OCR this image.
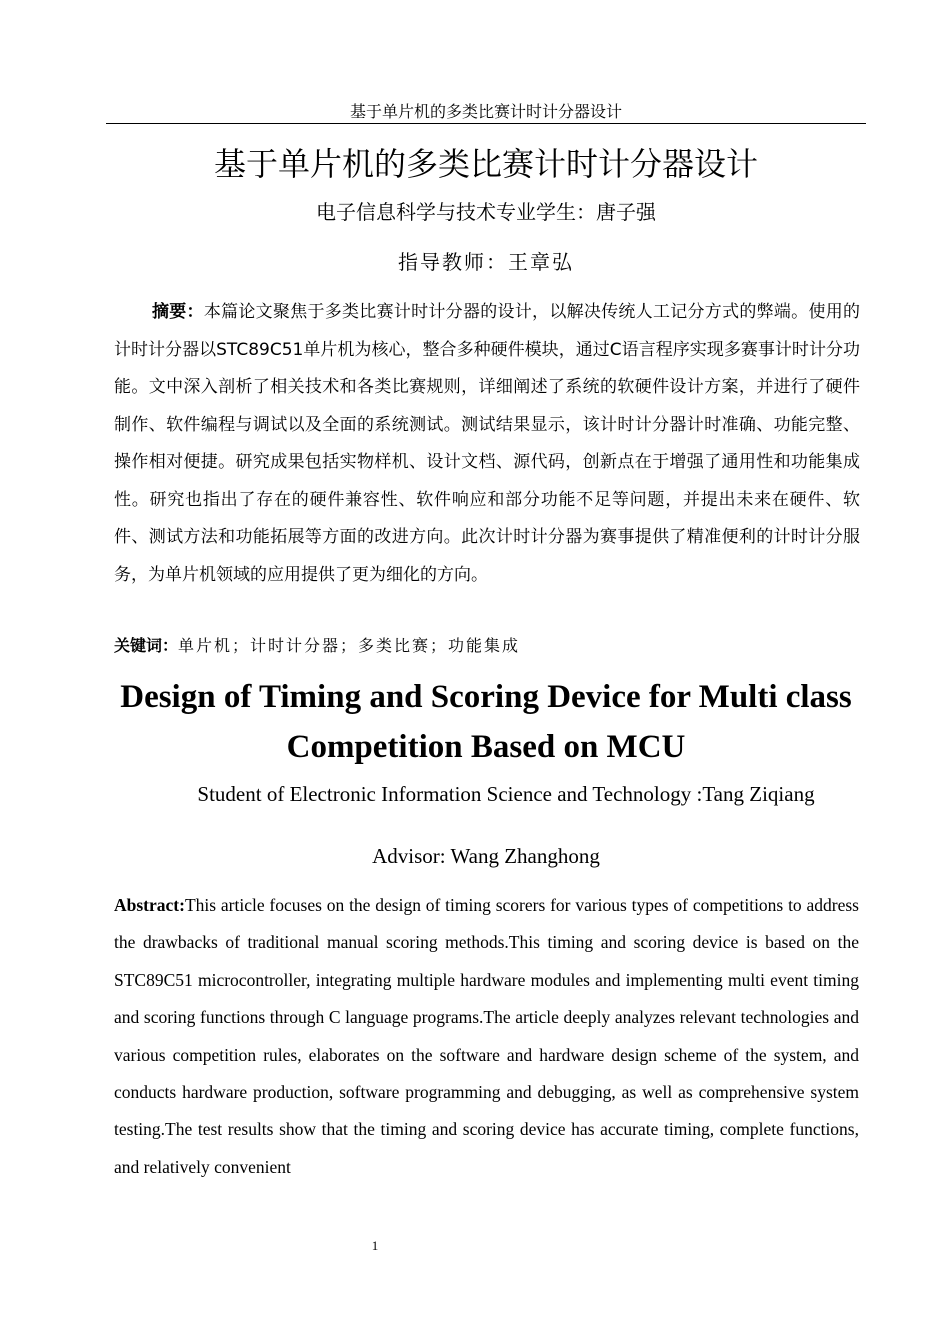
基于单片机的多类比赛计时计分器设计
基于单片机的多类比赛计时计分器设计
电子信息科学与技术专业学生：唐子强
指导教师：王章弘

摘要：本篇论文聚焦于多类比赛计时计分器的设计，以解决传统人工记分方式的弊端。使用的计时计分器以STC89C51单片机为核心，整合多种硬件模块，通过C语言程序实现多赛事计时计分功能。文中深入剖析了相关技术和各类比赛规则，详细阐述了系统的软硬件设计方案，并进行了硬件制作、软件编程与调试以及全面的系统测试。测试结果显示，该计时计分器计时准确、功能完整、操作相对便捷。研究成果包括实物样机、设计文档、源代码，创新点在于增强了通用性和功能集成性。研究也指出了存在的硬件兼容性、软件响应和部分功能不足等问题，并提出未来在硬件、软件、测试方法和功能拓展等方面的改进方向。此次计时计分器为赛事提供了精准便利的计时计分服务，为单片机领域的应用提供了更为细化的方向。

关键词：单片机；计时计分器；多类比赛；功能集成
Design of Timing and Scoring Device for Multi class Competition Based on MCU
Student of Electronic Information Science and Technology :Tang Ziqiang
Advisor: Wang Zhanghong

Abstract:This article focuses on the design of timing scorers for various types of competitions to address the drawbacks of traditional manual scoring methods.This timing and scoring device is based on the STC89C51 microcontroller, integrating multiple hardware modules and implementing multi event timing and scoring functions through C language programs.The article deeply analyzes relevant technologies and various competition rules, elaborates on the software and hardware design scheme of the system, and conducts hardware production, software programming and debugging, as well as comprehensive system testing.The test results show that the timing and scoring device has accurate timing, complete functions, and relatively convenient

1
